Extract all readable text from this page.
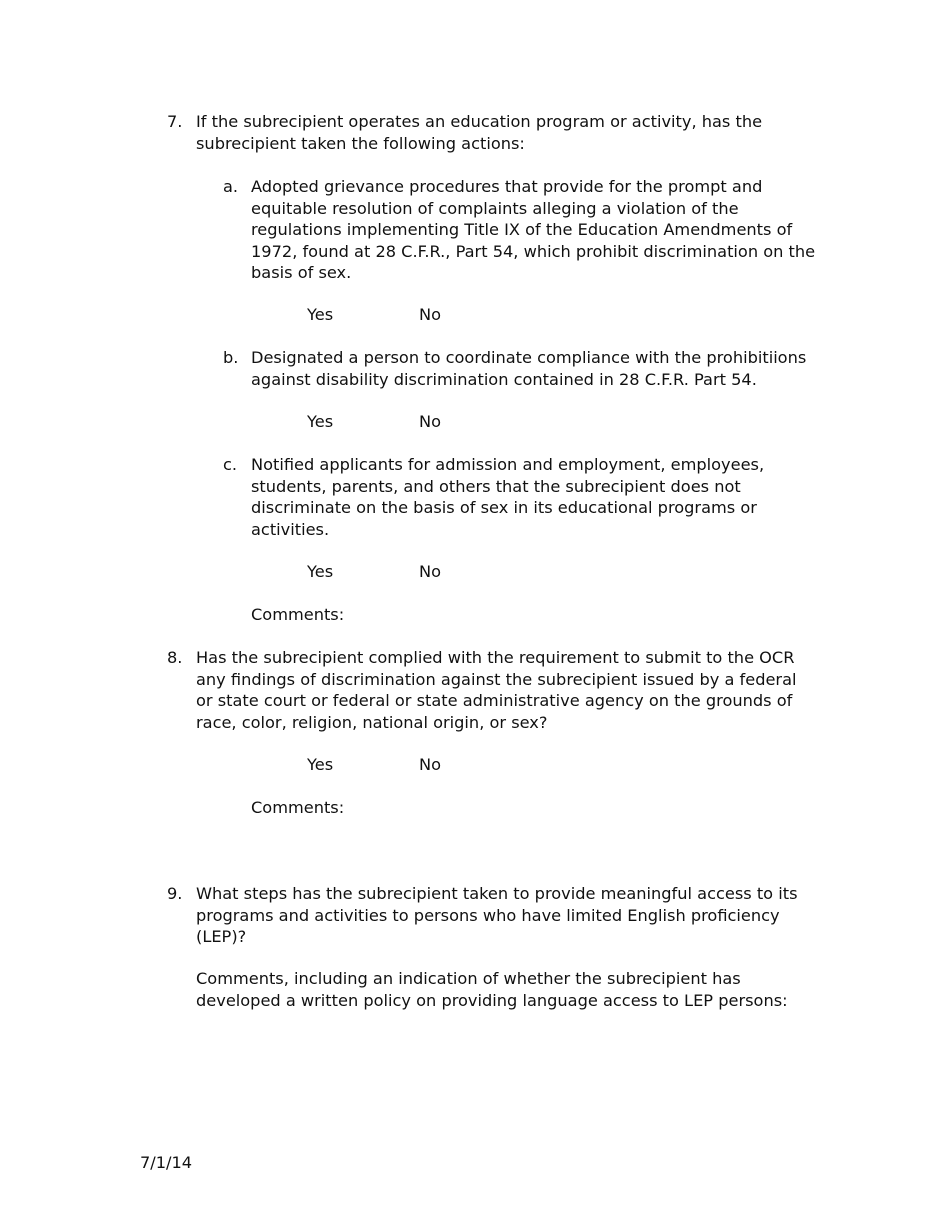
7. If the subrecipient operates an education program or activity, has the subrecipient taken the following actions:
a. Adopted grievance procedures that provide for the prompt and equitable resolution of complaints alleging a violation of the regulations implementing Title IX of the Education Amendments of 1972, found at 28 C.F.R., Part 54, which prohibit discrimination on the basis of sex.
Yes	No
b. Designated a person to coordinate compliance with the prohibitiions against disability discrimination contained in 28 C.F.R. Part 54.
Yes	No
c. Notified applicants for admission and employment, employees, students, parents, and others that the subrecipient does not discriminate on the basis of sex in its educational programs or activities.
Yes	No
Comments:
8. Has the subrecipient complied with the requirement to submit to the OCR any findings of discrimination against the subrecipient issued by a federal or state court or federal or state administrative agency on the grounds of race, color, religion, national origin, or sex?
Yes	No
Comments:
9. What steps has the subrecipient taken to provide meaningful access to its programs and activities to persons who have limited English proficiency (LEP)?
Comments, including an indication of whether the subrecipient has developed a written policy on providing language access to LEP persons:
7/1/14
